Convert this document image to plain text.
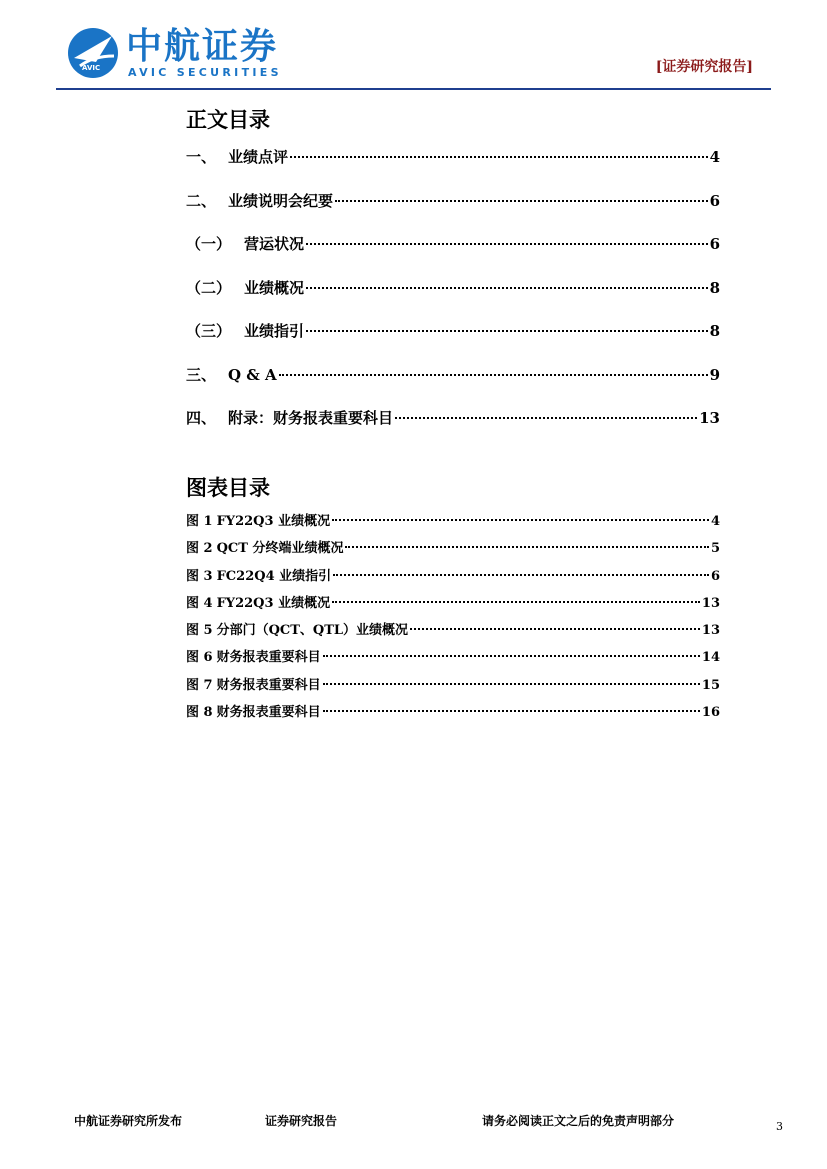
AVIC
中航证券
AVIC SECURITIES	[证券研究报告]
正文目录
一、 业绩点评	4
二、 业绩说明会纪要	6
（一） 营运状况	6
（二） 业绩概况	8
（三） 业绩指引	8
三、 Q & A	9
四、 附录：财务报表重要科目	13
图表目录
图 1 FY22Q3 业绩概况	4
图 2 QCT 分终端业绩概况	5
图 3 FC22Q4 业绩指引	6
图 4 FY22Q3 业绩概况	13
图 5 分部门（QCT、QTL）业绩概况	13
图 6 财务报表重要科目	14
图 7 财务报表重要科目	15
图 8 财务报表重要科目	16
中航证券研究所发布	证券研究报告	请务必阅读正文之后的免责声明部分	3
